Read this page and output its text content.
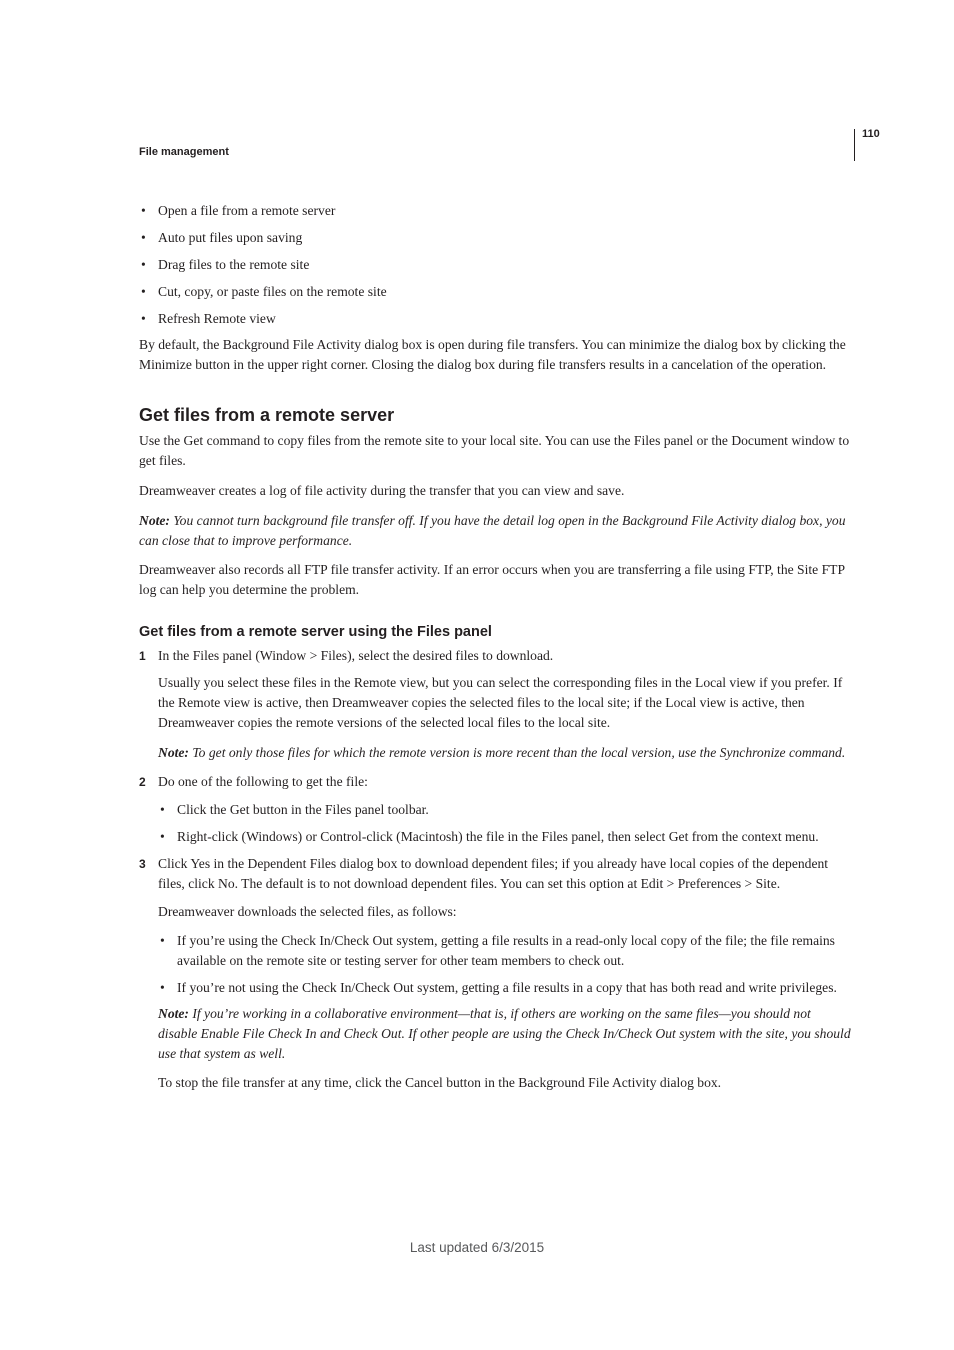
File management
110
• Open a file from a remote server
• Auto put files upon saving
• Drag files to the remote site
• Cut, copy, or paste files on the remote site
• Refresh Remote view

By default, the Background File Activity dialog box is open during file transfers. You can minimize the dialog box by clicking the Minimize button in the upper right corner. Closing the dialog box during file transfers results in a cancelation of the operation.

Get files from a remote server

Use the Get command to copy files from the remote site to your local site. You can use the Files panel or the Document window to get files.

Dreamweaver creates a log of file activity during the transfer that you can view and save.

Note: You cannot turn background file transfer off. If you have the detail log open in the Background File Activity dialog box, you can close that to improve performance.

Dreamweaver also records all FTP file transfer activity. If an error occurs when you are transferring a file using FTP, the Site FTP log can help you determine the problem.

Get files from a remote server using the Files panel
1 In the Files panel (Window > Files), select the desired files to download.

Usually you select these files in the Remote view, but you can select the corresponding files in the Local view if you prefer. If the Remote view is active, then Dreamweaver copies the selected files to the local site; if the Local view is active, then Dreamweaver copies the remote versions of the selected local files to the local site.

Note: To get only those files for which the remote version is more recent than the local version, use the Synchronize command.

2 Do one of the following to get the file:
• Click the Get button in the Files panel toolbar.
• Right-click (Windows) or Control-click (Macintosh) the file in the Files panel, then select Get from the context menu.
3 Click Yes in the Dependent Files dialog box to download dependent files; if you already have local copies of the dependent files, click No. The default is to not download dependent files. You can set this option at Edit > Preferences > Site.

Dreamweaver downloads the selected files, as follows:

• If you’re using the Check In/Check Out system, getting a file results in a read-only local copy of the file; the file remains available on the remote site or testing server for other team members to check out.
• If you’re not using the Check In/Check Out system, getting a file results in a copy that has both read and write privileges.

Note: If you’re working in a collaborative environment—that is, if others are working on the same files—you should not disable Enable File Check In and Check Out. If other people are using the Check In/Check Out system with the site, you should use that system as well.

To stop the file transfer at any time, click the Cancel button in the Background File Activity dialog box.

Last updated 6/3/2015
